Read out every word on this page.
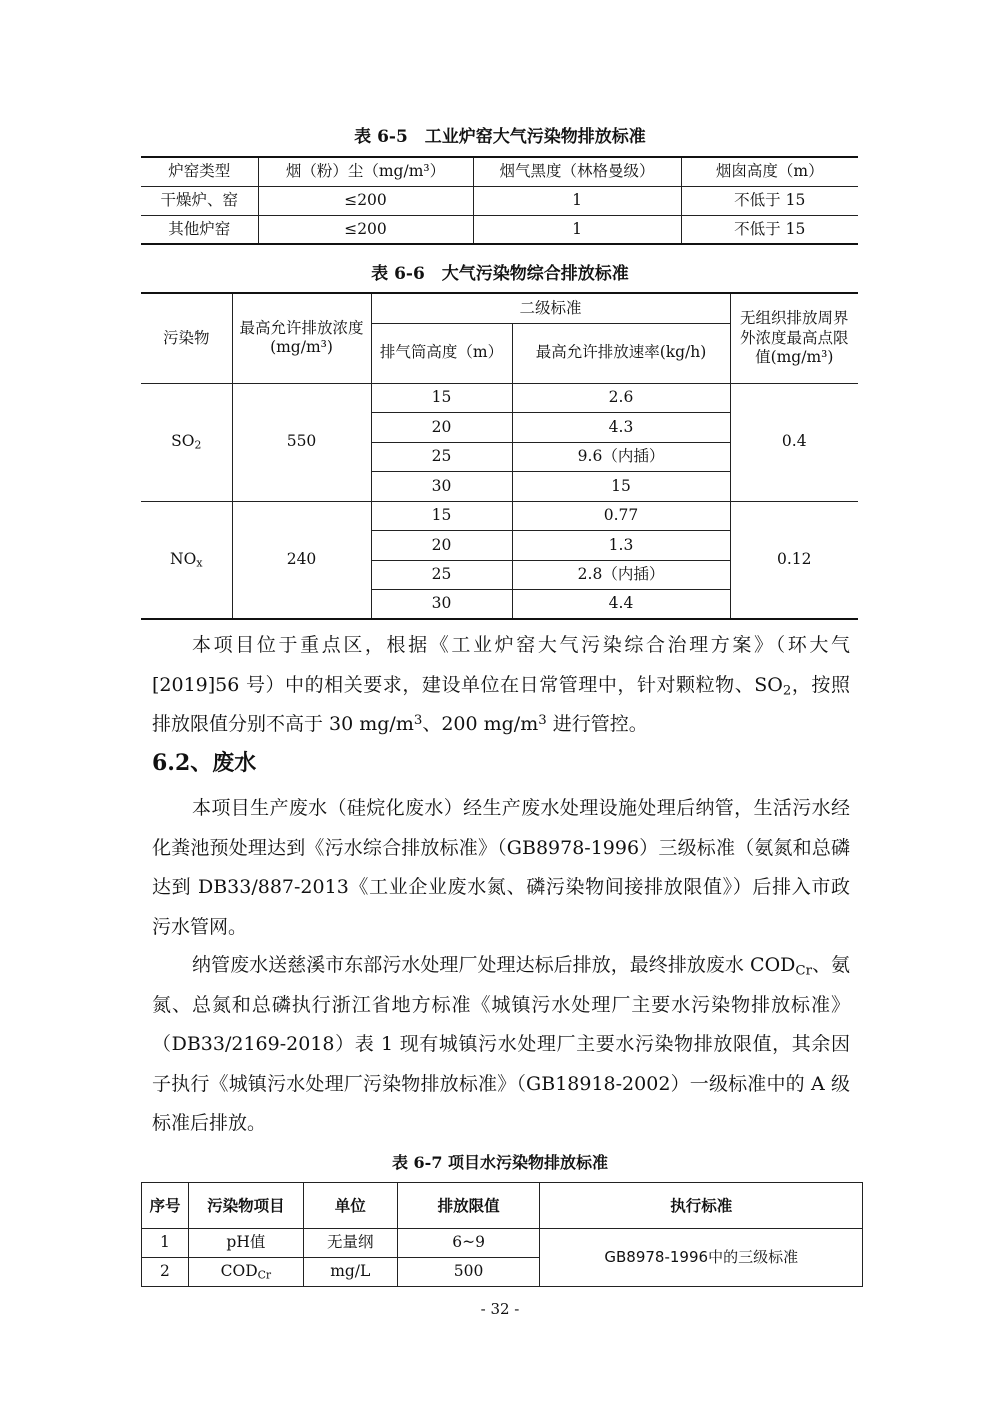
表 6-5　工业炉窑大气污染物排放标准
炉窑类型	烟（粉）尘（mg/m³）	烟气黑度（林格曼级）	烟囱高度（m）
干燥炉、窑	≤200	1	不低于 15
其他炉窑	≤200	1	不低于 15
表 6-6　大气污染物综合排放标准
污染物	最高允许排放浓度(mg/m³)	二级标准		无组织排放周界外浓度最高点限值(mg/m³)
		排气筒高度（m）	最高允许排放速率(kg/h)	
$SO_2$	550	15	2.6	0.4
		20	4.3	
		25	9.6（内插）	
		30	15	
$NO_x$	240	15	0.77	0.12
		20	1.3	
		25	2.8（内插）	
		30	4.4	

本项目位于重点区，根据《工业炉窑大气污染综合治理方案》（环大气[2019]56 号）中的相关要求，建设单位在日常管理中，针对颗粒物、$SO_2$，按照排放限值分别不高于 30 $mg/m^3$、200 $mg/m^3$ 进行管控。

6.2、废水

本项目生产废水（硅烷化废水）经生产废水处理设施处理后纳管，生活污水经化粪池预处理达到《污水综合排放标准》（GB8978-1996）三级标准（氨氮和总磷达到 DB33/887-2013《工业企业废水氮、磷污染物间接排放限值》）后排入市政污水管网。

纳管废水送慈溪市东部污水处理厂处理达标后排放，最终排放废水 $COD_{Cr}$、氨氮、总氮和总磷执行浙江省地方标准《城镇污水处理厂主要水污染物排放标准》（DB33/2169-2018）表 1 现有城镇污水处理厂主要水污染物排放限值，其余因子执行《城镇污水处理厂污染物排放标准》（GB18918-2002）一级标准中的 A 级标准后排放。

表 6-7 项目水污染物排放标准
序号	污染物项目	单位	排放限值	执行标准
1	pH值	无量纲	6~9	GB8978-1996中的三级标准
2	$COD_{Cr}$	mg/L	500	
- 32 -
